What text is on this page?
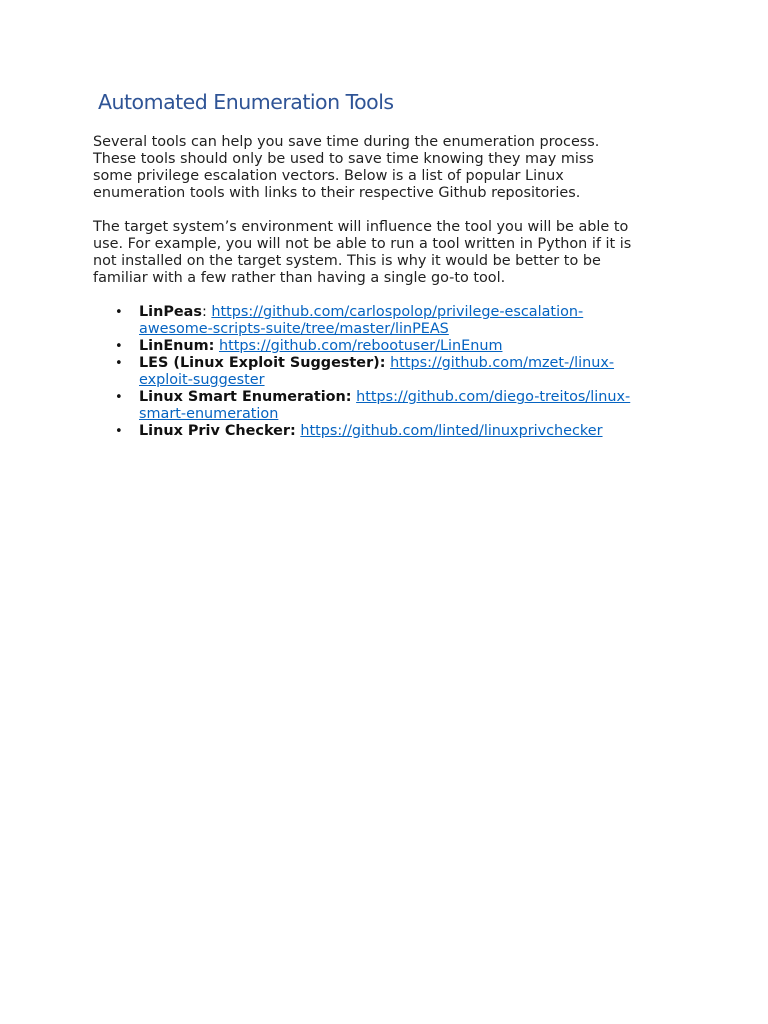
Automated Enumeration Tools

Several tools can help you save time during the enumeration process.
These tools should only be used to save time knowing they may miss
some privilege escalation vectors. Below is a list of popular Linux
enumeration tools with links to their respective Github repositories.

The target system’s environment will influence the tool you will be able to
use. For example, you will not be able to run a tool written in Python if it is
not installed on the target system. This is why it would be better to be
familiar with a few rather than having a single go-to tool.

• LinPeas: https://github.com/carlospolop/privilege-escalation-
awesome-scripts-suite/tree/master/linPEAS
• LinEnum: https://github.com/rebootuser/LinEnum
• LES (Linux Exploit Suggester): https://github.com/mzet-/linux-
exploit-suggester
• Linux Smart Enumeration: https://github.com/diego-treitos/linux-
smart-enumeration
• Linux Priv Checker: https://github.com/linted/linuxprivchecker
